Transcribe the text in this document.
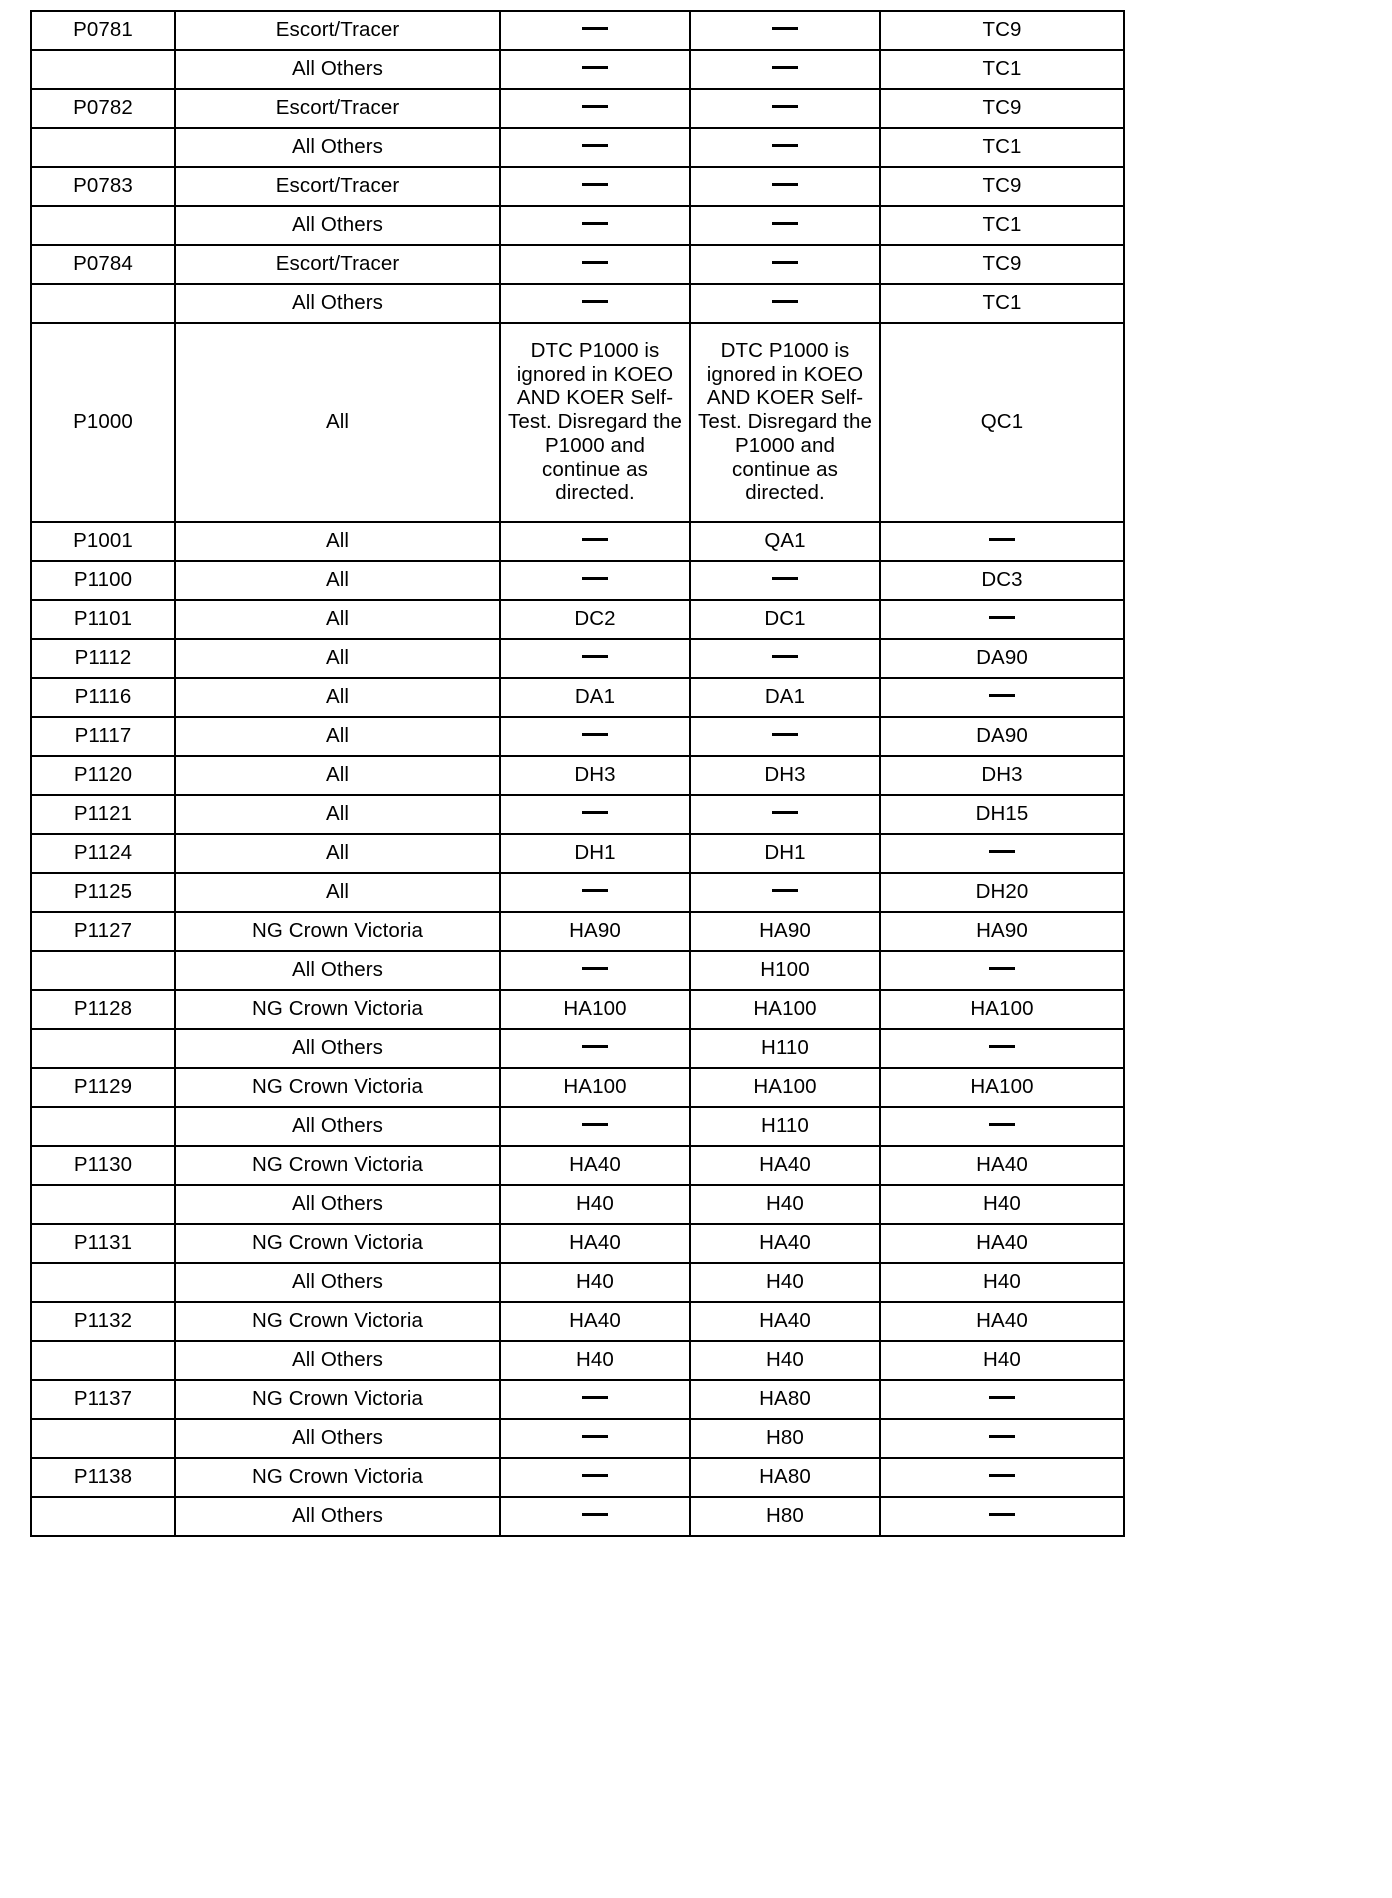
P0781	Escort/Tracer			TC9
	All Others			TC1
P0782	Escort/Tracer			TC9
	All Others			TC1
P0783	Escort/Tracer			TC9
	All Others			TC1
P0784	Escort/Tracer			TC9
	All Others			TC1
P1000	All	DTC P1000 is ignored in KOEO AND KOER Self-Test. Disregard the P1000 and continue as directed.	DTC P1000 is ignored in KOEO AND KOER Self-Test. Disregard the P1000 and continue as directed.	QC1
P1001	All		QA1	
P1100	All			DC3
P1101	All	DC2	DC1	
P1112	All			DA90
P1116	All	DA1	DA1	
P1117	All			DA90
P1120	All	DH3	DH3	DH3
P1121	All			DH15
P1124	All	DH1	DH1	
P1125	All			DH20
P1127	NG Crown Victoria	HA90	HA90	HA90
	All Others		H100	
P1128	NG Crown Victoria	HA100	HA100	HA100
	All Others		H110	
P1129	NG Crown Victoria	HA100	HA100	HA100
	All Others		H110	
P1130	NG Crown Victoria	HA40	HA40	HA40
	All Others	H40	H40	H40
P1131	NG Crown Victoria	HA40	HA40	HA40
	All Others	H40	H40	H40
P1132	NG Crown Victoria	HA40	HA40	HA40
	All Others	H40	H40	H40
P1137	NG Crown Victoria		HA80	
	All Others		H80	
P1138	NG Crown Victoria		HA80	
	All Others		H80	
